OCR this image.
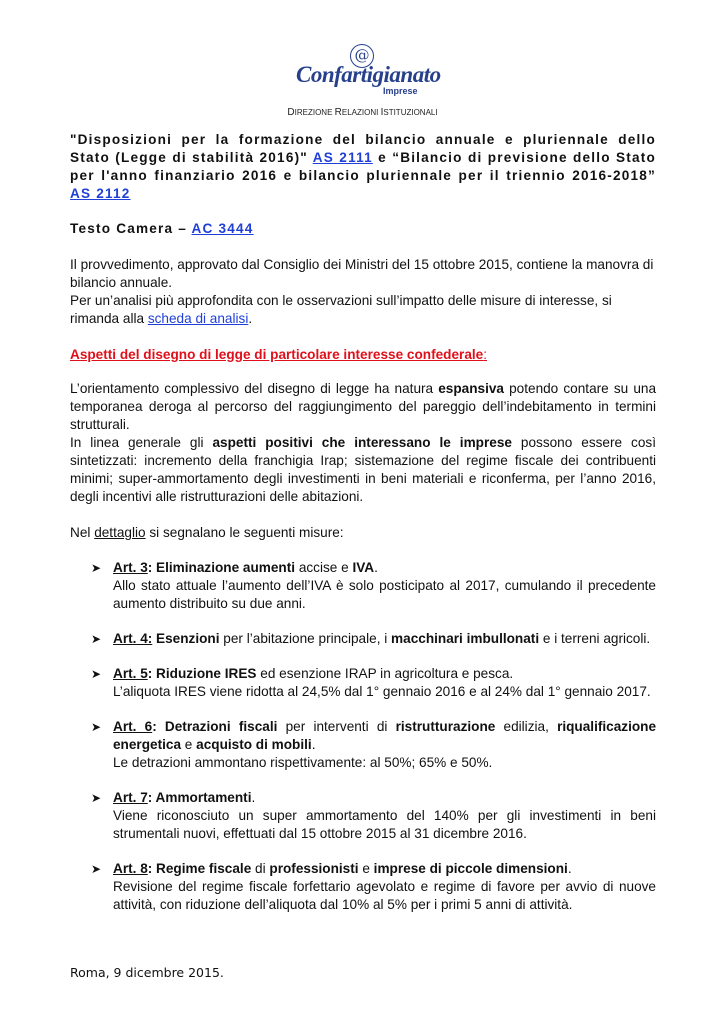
@
Confartigianato
Imprese
DIREZIONE RELAZIONI ISTITUZIONALI

"Disposizioni per la formazione del bilancio annuale e pluriennale dello Stato (Legge di stabilità 2016)" AS 2111 e “Bilancio di previsione dello Stato per l'anno finanziario 2016 e bilancio pluriennale per il triennio 2016-2018” AS 2112

Testo Camera – AC 3444

Il provvedimento, approvato dal Consiglio dei Ministri del 15 ottobre 2015, contiene la manovra di bilancio annuale.

Per un’analisi più approfondita con le osservazioni sull’impatto delle misure di interesse, si rimanda alla scheda di analisi.

Aspetti del disegno di legge di particolare interesse confederale:

L’orientamento complessivo del disegno di legge ha natura espansiva potendo contare su una temporanea deroga al percorso del raggiungimento del pareggio dell’indebitamento in termini strutturali.

In linea generale gli aspetti positivi che interessano le imprese possono essere così sintetizzati: incremento della franchigia Irap; sistemazione del regime fiscale dei contribuenti minimi; super-ammortamento degli investimenti in beni materiali e riconferma, per l’anno 2016, degli incentivi alle ristrutturazioni delle abitazioni.

Nel dettaglio si segnalano le seguenti misure:

➤ Art. 3: Eliminazione aumenti accise e IVA.

Allo stato attuale l’aumento dell’IVA è solo posticipato al 2017, cumulando il precedente aumento distribuito su due anni.

➤ Art. 4: Esenzioni per l’abitazione principale, i macchinari imbullonati e i terreni agricoli.

➤ Art. 5: Riduzione IRES ed esenzione IRAP in agricoltura e pesca.

L’aliquota IRES viene ridotta al 24,5% dal 1° gennaio 2016 e al 24% dal 1° gennaio 2017.

➤ Art. 6: Detrazioni fiscali per interventi di ristrutturazione edilizia, riqualificazione energetica e acquisto di mobili.

Le detrazioni ammontano rispettivamente: al 50%; 65% e 50%.

➤ Art. 7: Ammortamenti.

Viene riconosciuto un super ammortamento del 140% per gli investimenti in beni strumentali nuovi, effettuati dal 15 ottobre 2015 al 31 dicembre 2016.

➤ Art. 8: Regime fiscale di professionisti e imprese di piccole dimensioni.

Revisione del regime fiscale forfettario agevolato e regime di favore per avvio di nuove attività, con riduzione dell’aliquota dal 10% al 5% per i primi 5 anni di attività.

Roma, 9 dicembre 2015.
